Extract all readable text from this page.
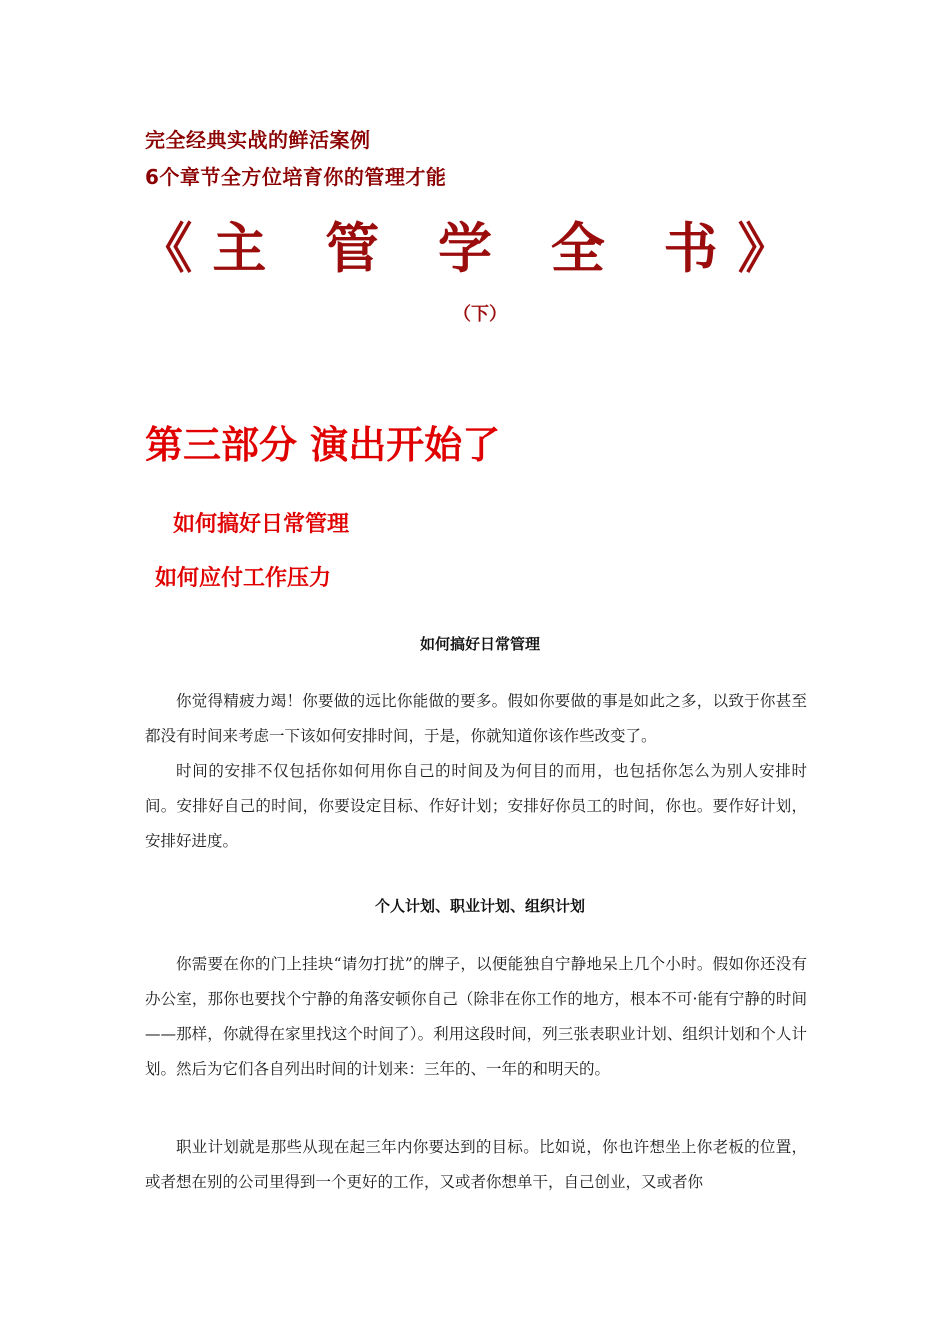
完全经典实战的鲜活案例
6个章节全方位培育你的管理才能
《主 管 学 全 书》
（下）
第三部分 演出开始了
如何搞好日常管理
如何应付工作压力
如何搞好日常管理

你觉得精疲力竭！你要做的远比你能做的要多。假如你要做的事是如此之多，以致于你甚至都没有时间来考虑一下该如何安排时间，于是，你就知道你该作些改变了。

时间的安排不仅包括你如何用你自己的时间及为何目的而用，也包括你怎么为别人安排时间。安排好自己的时间，你要设定目标、作好计划；安排好你员工的时间，你也。要作好计划，安排好进度。

个人计划、职业计划、组织计划

你需要在你的门上挂块“请勿打扰”的牌子，以便能独自宁静地呆上几个小时。假如你还没有办公室，那你也要找个宁静的角落安顿你自己（除非在你工作的地方，根本不可·能有宁静的时间——那样，你就得在家里找这个时间了）。利用这段时间，列三张表职业计划、组织计划和个人计划。然后为它们各自列出时间的计划来：三年的、一年的和明天的。

职业计划就是那些从现在起三年内你要达到的目标。比如说，你也许想坐上你老板的位置，或者想在别的公司里得到一个更好的工作，又或者你想单干，自己创业，又或者你
